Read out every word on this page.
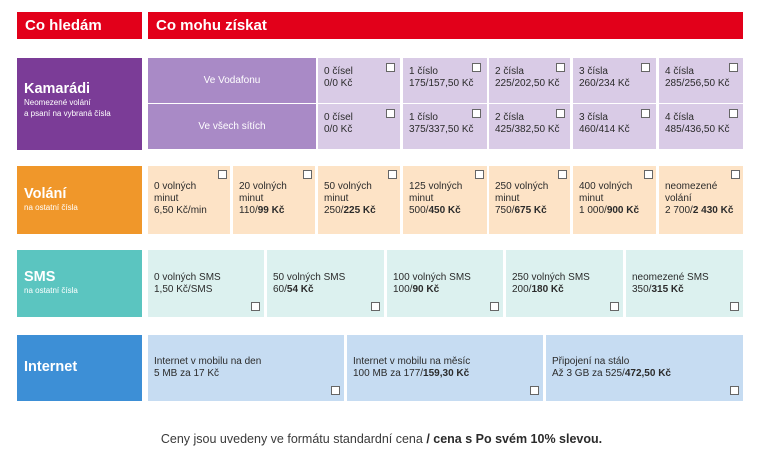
Co hledám	Co mohu získat
Kamarádi
Neomezené volání
a psaní na vybraná čísla
Ve Vodafonu
Ve všech sítích
0 čísel
0/0 Kč
1 číslo
175/157,50 Kč
2 čísla
225/202,50 Kč
3 čísla
260/234 Kč
4 čísla
285/256,50 Kč
0 čísel
0/0 Kč
1 číslo
375/337,50 Kč
2 čísla
425/382,50 Kč
3 čísla
460/414 Kč
4 čísla
485/436,50 Kč
Volání
na ostatní čísla
0 volných
minut
6,50 Kč/min
20 volných
minut
110/99 Kč
50 volných
minut
250/225 Kč
125 volných
minut
500/450 Kč
250 volných
minut
750/675 Kč
400 volných
minut
1 000/900 Kč
neomezené
volání
2 700/2 430 Kč
SMS
na ostatní čísla
0 volných SMS
1,50 Kč/SMS
50 volných SMS
60/54 Kč
100 volných SMS
100/90 Kč
250 volných SMS
200/180 Kč
neomezené SMS
350/315 Kč
Internet	Internet v mobilu na den
5 MB za 17 Kč
Internet v mobilu na měsíc
100 MB za 177/159,30 Kč
Připojení na stálo
Až 3 GB za 525/472,50 Kč
Ceny jsou uvedeny ve formátu standardní cena / cena s Po svém 10% slevou.
